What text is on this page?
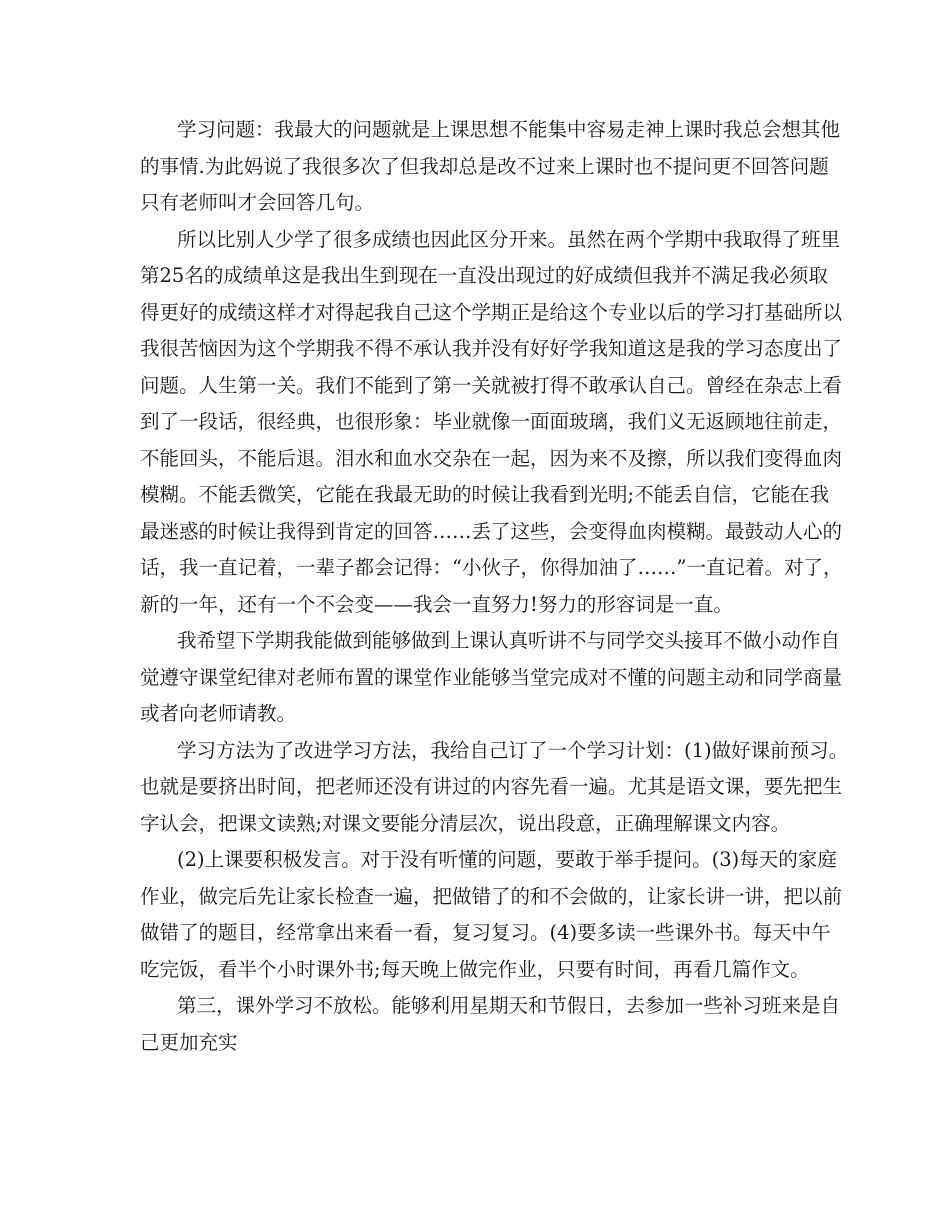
学习问题：我最大的问题就是上课思想不能集中容易走神上课时我总会想其他
的事情.为此妈说了我很多次了但我却总是改不过来上课时也不提问更不回答问题
只有老师叫才会回答几句。
所以比别人少学了很多成绩也因此区分开来。虽然在两个学期中我取得了班里
第25名的成绩单这是我出生到现在一直没出现过的好成绩但我并不满足我必须取
得更好的成绩这样才对得起我自己这个学期正是给这个专业以后的学习打基础所以
我很苦恼因为这个学期我不得不承认我并没有好好学我知道这是我的学习态度出了
问题。人生第一关。我们不能到了第一关就被打得不敢承认自己。曾经在杂志上看
到了一段话，很经典，也很形象：毕业就像一面面玻璃，我们义无返顾地往前走，
不能回头，不能后退。泪水和血水交杂在一起，因为来不及擦，所以我们变得血肉
模糊。不能丢微笑，它能在我最无助的时候让我看到光明;不能丢自信，它能在我
最迷惑的时候让我得到肯定的回答……丢了这些，会变得血肉模糊。最鼓动人心的
话，我一直记着，一辈子都会记得：“小伙子，你得加油了……”一直记着。对了，
新的一年，还有一个不会变——我会一直努力!努力的形容词是一直。
我希望下学期我能做到能够做到上课认真听讲不与同学交头接耳不做小动作自
觉遵守课堂纪律对老师布置的课堂作业能够当堂完成对不懂的问题主动和同学商量
或者向老师请教。
学习方法为了改进学习方法，我给自己订了一个学习计划：(1)做好课前预习。
也就是要挤出时间，把老师还没有讲过的内容先看一遍。尤其是语文课，要先把生
字认会，把课文读熟;对课文要能分清层次，说出段意，正确理解课文内容。
(2)上课要积极发言。对于没有听懂的问题，要敢于举手提问。(3)每天的家庭
作业，做完后先让家长检查一遍，把做错了的和不会做的，让家长讲一讲，把以前
做错了的题目，经常拿出来看一看，复习复习。(4)要多读一些课外书。每天中午
吃完饭，看半个小时课外书;每天晚上做完作业，只要有时间，再看几篇作文。
第三，课外学习不放松。能够利用星期天和节假日，去参加一些补习班来是自
己更加充实
